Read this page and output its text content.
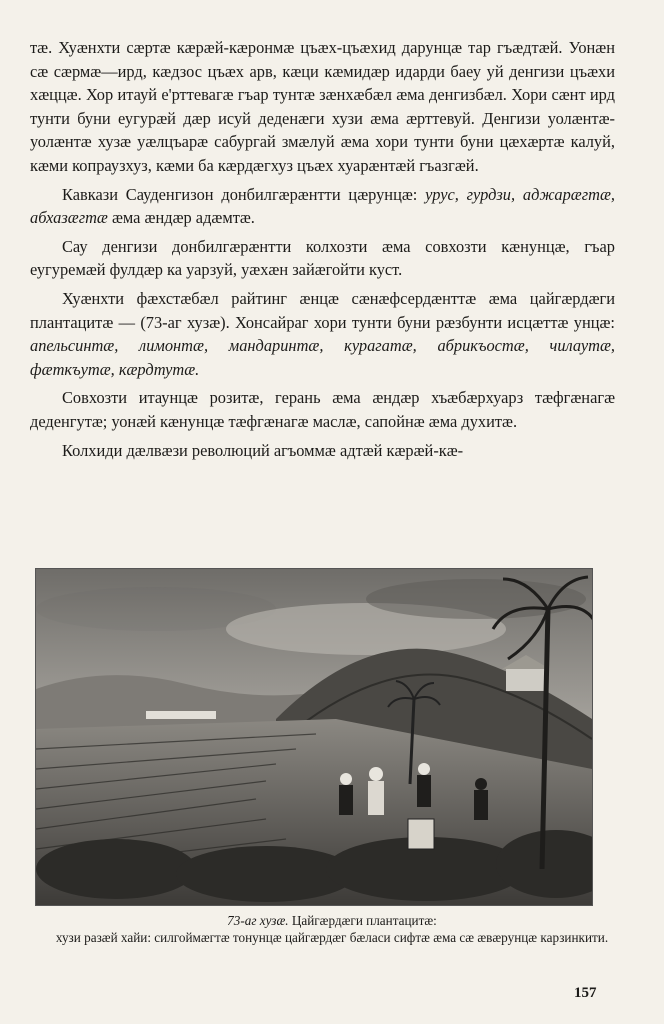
тæ. Хуæнхти сæртæ кæрæй-кæронмæ цъæх-цъæхид дарунцæ тар гъæдтæй. Уонæн сæ сæрмæ—ирд, кæдзос цъæх арв, кæци кæмидæр идарди баеу уй денгизи цъæхи хæццæ. Хор итауй е'рттевагæ гъар тунтæ зæнхæбæл æма денгизбæл. Хори сæнт ирд тунти буни еугурæй дæр исуй деденæги хузи æма æрттевуй. Денгизи уолæнтæ-уолæнтæ хузæ уæлцъарæ сабургай змæлуй æма хори тунти буни цæхæртæ калуй, кæми копраузхуз, кæми ба кæрдæгхуз цъæх хуарæнтæй гъазгæй.

Кавкази Сауденгизон донбилгæрæнтти цæрунцæ: урус, гурдзи, аджарæгтæ, абхазæгтæ æма æндæр адæмтæ.

Сау денгизи донбилгæрæнтти колхозти æма совхозти кæнунцæ, гъар еугуремæй фулдæр ка уарзуй, уæхæн зайæгойти куст.

Хуæнхти фæхстæбæл райтинг æнцæ сæнæфсердæнттæ æма цайгæрдæги плантацитæ — (73-аг хузæ). Хонсайраг хори тунти буни рæзбунти исцæттæ унцæ: апельсинтæ, лимонтæ, мандаринтæ, курагатæ, абрикъостæ, чилаутæ, фæткъутæ, кæрдтутæ.

Совхозти итаунцæ розитæ, герань æма æндæр хъæбæрхуарз тæфгæнагæ деденгутæ; уонæй кæнунцæ тæфгæнагæ маслæ, сапойнæ æма духитæ.

Колхиди дæлвæзи революций агъоммæ адтæй кæрæй-кæ-

73-аг хузæ. Цайгæрдæги плантацитæ:
хузи разæй хайи: силгоймæгтæ тонунцæ цайгæрдæг бæласи сифтæ æма сæ æвæрунцæ карзинкити.
157
